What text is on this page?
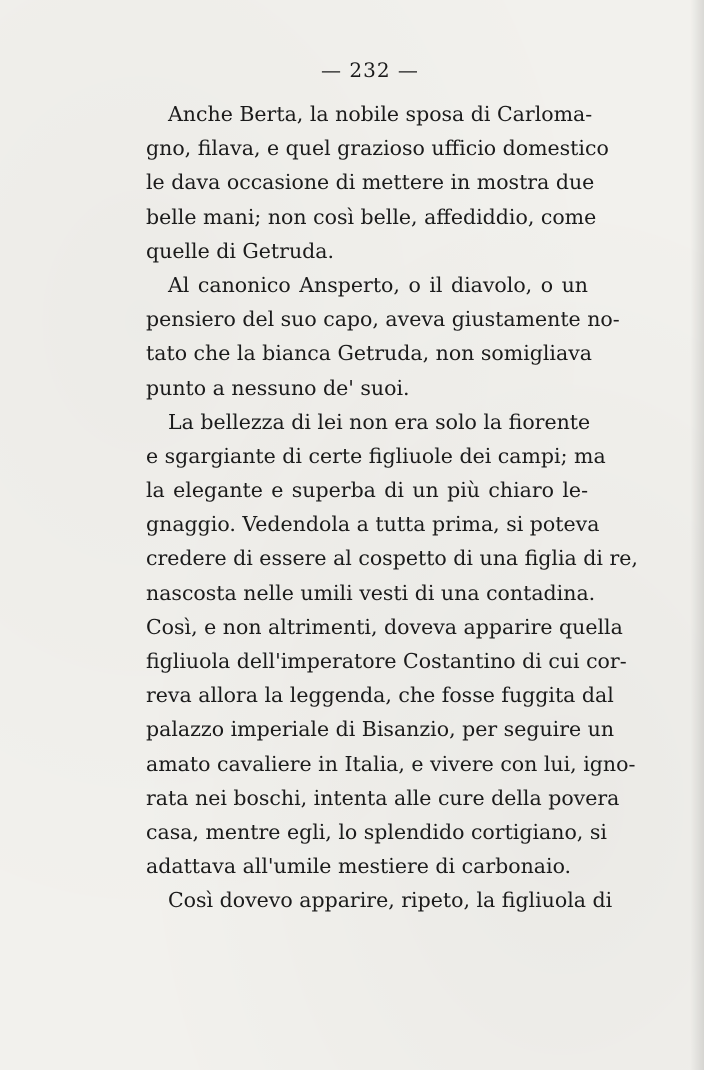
— 232 —
Anche Berta, la nobile sposa di Carloma-
gno, filava, e quel grazioso ufficio domestico
le dava occasione di mettere in mostra due
belle mani; non così belle, affediddio, come
quelle di Getruda.
Al canonico Ansperto, o il diavolo, o un
pensiero del suo capo, aveva giustamente no-
tato che la bianca Getruda, non somigliava
punto a nessuno de' suoi.
La bellezza di lei non era solo la fiorente
e sgargiante di certe figliuole dei campi; ma
la elegante e superba di un più chiaro le-
gnaggio. Vedendola a tutta prima, si poteva
credere di essere al cospetto di una figlia di re,
nascosta nelle umili vesti di una contadina.
Così, e non altrimenti, doveva apparire quella
figliuola dell'imperatore Costantino di cui cor-
reva allora la leggenda, che fosse fuggita dal
palazzo imperiale di Bisanzio, per seguire un
amato cavaliere in Italia, e vivere con lui, igno-
rata nei boschi, intenta alle cure della povera
casa, mentre egli, lo splendido cortigiano, si
adattava all'umile mestiere di carbonaio.
Così dovevo apparire, ripeto, la figliuola di
